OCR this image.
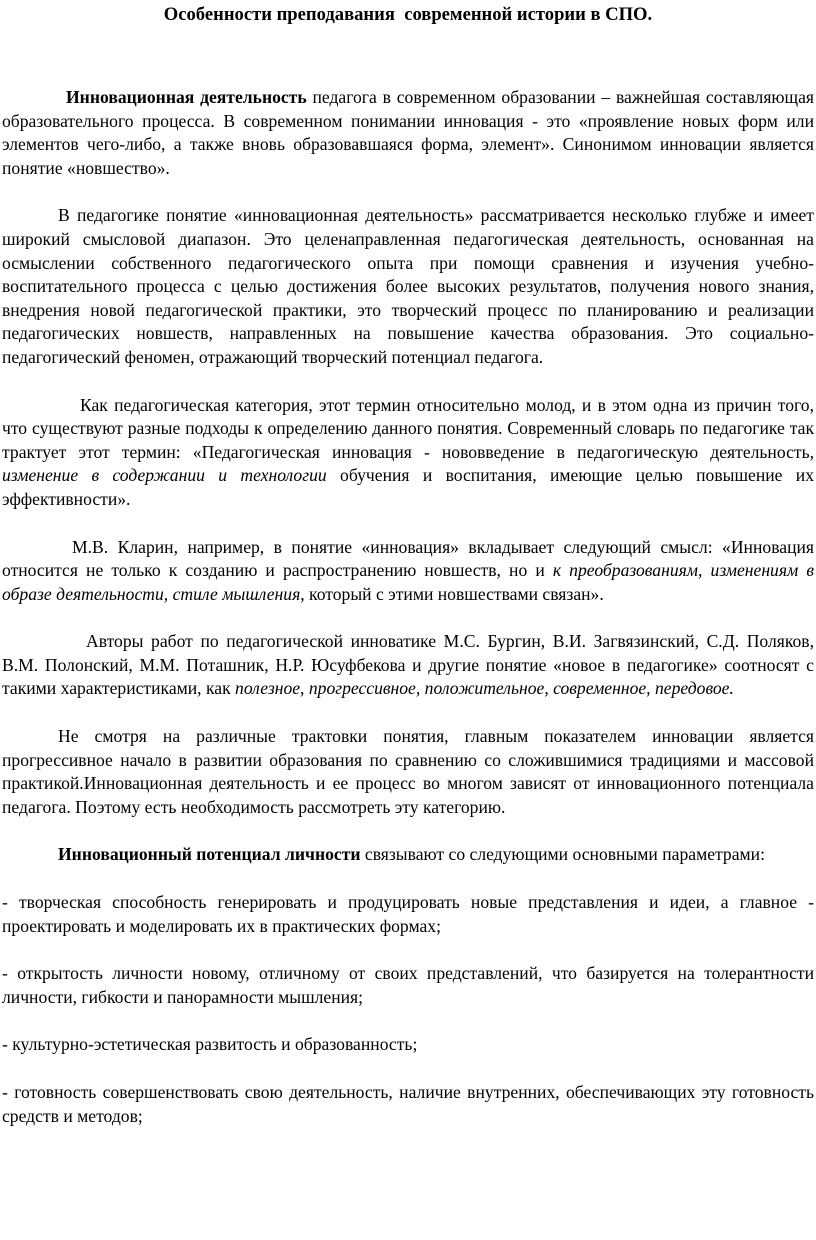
Особенности преподавания  современной истории в СПО.

Инновационная деятельность педагога в современном образовании – важнейшая составляющая образовательного процесса. В современном понимании инновация - это «проявление новых форм или элементов чего-либо, а также вновь образовавшаяся форма, элемент». Синонимом инновации является понятие «новшество».

В педагогике понятие «инновационная деятельность» рассматривается несколько глубже и имеет широкий смысловой диапазон. Это целенаправленная педагогическая деятельность, основанная на осмыслении собственного педагогического опыта при помощи сравнения и изучения учебно-воспитательного процесса с целью достижения более высоких результатов, получения нового знания, внедрения новой педагогической практики, это творческий процесс по планированию и реализации педагогических новшеств, направленных на повышение качества образования. Это социально-педагогический феномен, отражающий творческий потенциал педагога.

Как педагогическая категория, этот термин относительно молод, и в этом одна из причин того, что существуют разные подходы к определению данного понятия. Современный словарь по педагогике так трактует этот термин: «Педагогическая инновация - нововведение в педагогическую деятельность, изменение в содержании и технологии обучения и воспитания, имеющие целью повышение их эффективности».

М.В. Кларин, например, в понятие «инновация» вкладывает следующий смысл: «Инновация относится не только к созданию и распространению новшеств, но и к преобразованиям, изменениям в образе деятельности, стиле мышления, который с этими новшествами связан».

Авторы работ по педагогической инноватике М.С. Бургин, В.И. Загвязинский, С.Д. Поляков, В.М. Полонский, М.М. Поташник, Н.Р. Юсуфбекова и другие понятие «новое в педагогике» соотносят с такими характеристиками, как полезное, прогрессивное, положительное, современное, передовое.

Не смотря на различные трактовки понятия, главным показателем инновации является прогрессивное начало в развитии образования по сравнению со сложившимися традициями и массовой практикой.Инновационная деятельность и ее процесс во многом зависят от инновационного потенциала педагога. Поэтому есть необходимость рассмотреть эту категорию.

Инновационный потенциал личности связывают со следующими основными параметрами:

- творческая способность генерировать и продуцировать новые представления и идеи, а главное - проектировать и моделировать их в практических формах;

- открытость личности новому, отличному от своих представлений, что базируется на толерантности личности, гибкости и панорамности мышления;

- культурно-эстетическая развитость и образованность;

- готовность совершенствовать свою деятельность, наличие внутренних, обеспечивающих эту готовность средств и методов;
